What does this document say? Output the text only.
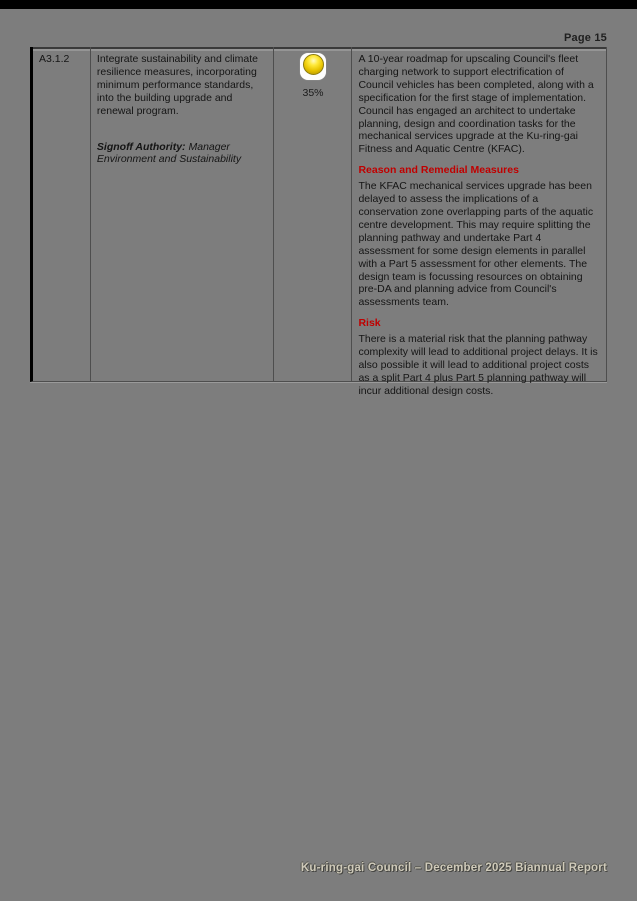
Page 15
A3.1.2	Integrate sustainability and climate resilience measures, incorporating minimum performance standards, into the building upgrade and renewal program.
Signoff Authority: Manager Environment and Sustainability
35%

A 10-year roadmap for upscaling Council's fleet charging network to support electrification of Council vehicles has been completed, along with a specification for the first stage of implementation. Council has engaged an architect to undertake planning, design and coordination tasks for the mechanical services upgrade at the Ku-ring-gai Fitness and Aquatic Centre (KFAC).

Reason and Remedial Measures

The KFAC mechanical services upgrade has been delayed to assess the implications of a conservation zone overlapping parts of the aquatic centre development. This may require splitting the planning pathway and undertake Part 4 assessment for some design elements in parallel with a Part 5 assessment for other elements. The design team is focussing resources on obtaining pre-DA and planning advice from Council's assessments team.

Risk

There is a material risk that the planning pathway complexity will lead to additional project delays. It is also possible it will lead to additional project costs as a split Part 4 plus Part 5 planning pathway will incur additional design costs.

Ku-ring-gai Council – December 2025 Biannual Report
